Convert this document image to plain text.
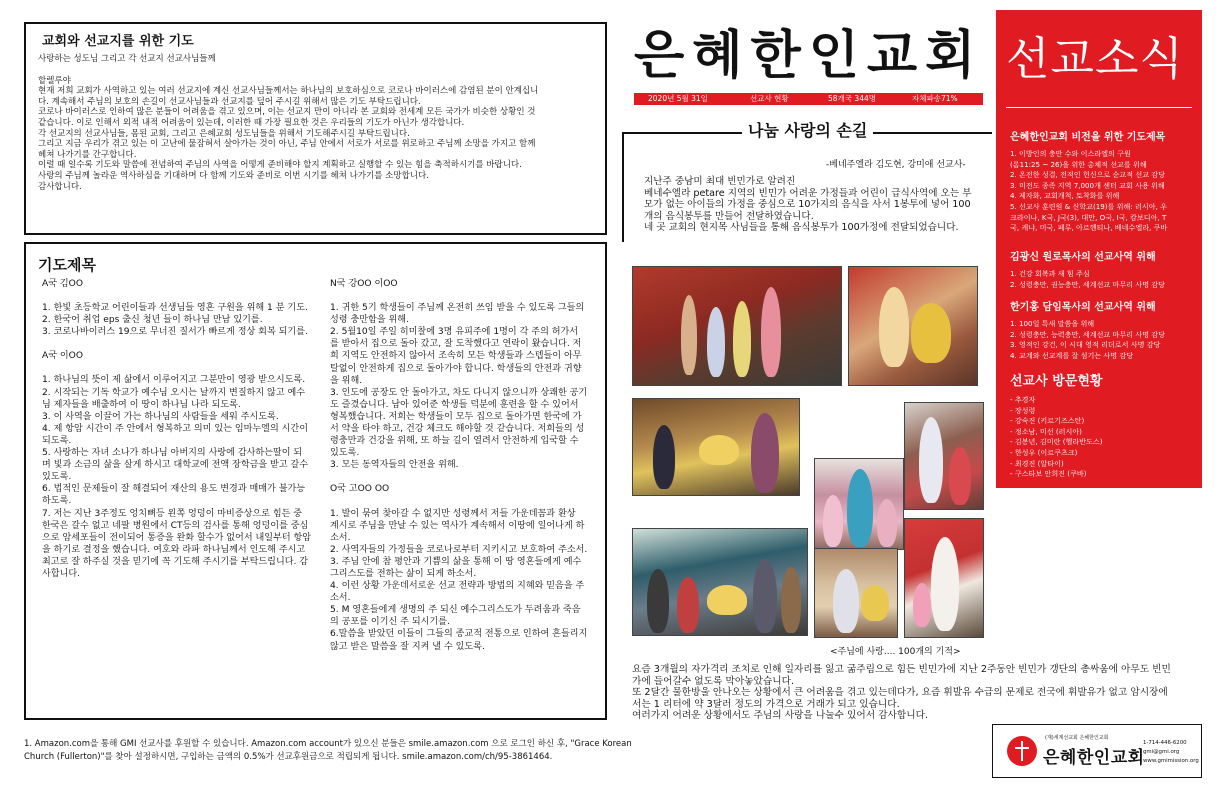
교회와 선교지를 위한 기도
사랑하는 성도님 그리고 각 선교지 선교사님들께
할렐루야
현재 저희 교회가 사역하고 있는 여러 선교지에 계신 선교사님들께서는 하나님의 보호하심으로 코로나 바이러스에 감염된 분이 안계십니
다. 계속해서 주님의 보호의 손길이 선교사님들과 선교지를 덮어 주시길 위해서 많은 기도 부탁드립니다.
코로나 바이러스로 인하여 많은 분들이 어려움을 겪고 있으며, 이는 선교지 만이 아니라 본 교회와 전세계 모든 국가가 비슷한 상황인 것
같습니다. 이로 인해서 외적 내적 어려움이 있는데, 이러한 때 가장 필요한 것은 우리들의 기도가 아닌가 생각합니다.
각 선교지의 선교사님들, 몸된 교회, 그리고 은혜교회 성도님들을 위해서 기도해주시길 부탁드립니다.
그리고 지금 우리가 겪고 있는 이 고난에 물잠혀서 살아가는 것이 아닌, 주님 안에서 서로가 서로를 위로하고 주님께 소망을 가지고 함께
헤쳐 나가기를 간구합니다.
이럴 때 일수록 기도와 말씀에 전념하여 주님의 사역을 어떻게 준비해야 할지 계획하고 실행할 수 있는 힘을 축적하시기를 바랍니다.
사랑의 주님께 놀라운 역사하심을 기대하며 다 함께 기도와 준비로 이번 시기를 헤쳐 나가기를 소망합니다.
감사합니다.
기도제목
A국 김OO
1. 한빛 초등학교 어린이들과 선생님들 영혼 구원을 위해 1 분 기도.
2. 한국어 취업 eps 출신 청년 들이 하나님 만남 있기를.
3. 코로나바이러스 19으로 무너진 질서가 빠르게 정상 회복 되기를.
A국 이OO
1. 하나님의 뜻이 제 삶에서 이루어지고 그분만이 영광 받으시도록.
2. 시작되는 기독 학교가 예수님 오시는 날까지 변질하지 않고 예수
님 제자들을 배출하여 이 땅이 하나님 나라 되도록.
3. 이 사역을 이끌어 가는 하나님의 사람들을 세워 주시도록.
4. 제 항암 시간이 주 안에서 형복하고 의미 있는 임마누엘의 시간이
되도록.
5. 사랑하는 자녀 소나가 하나님 아버지의 사랑에 감사하는딸이 되
며 빛과 소금의 삶을 살게 하시고 대학교에 전액 장학금을 받고 갈수
있도록.
6. 법적인 문제들이 잘 해결되어 재산의 용도 변경과 매매가 불가능
하도록.
7. 저는 지난 3주정도 엉치뼈등 왼쪽 엉덩이 마비증상으로 힘든 중
한국은 갈수 없고 네팔 병원에서 CT등의 검사를 통해 엉덩이를 중심
으로 암세포들이 전이되어 통증을 완화 할수가 없어서 내일부터 항암
을 하기로 결정을 했습니다. 여호와 라파 하나님께서 인도해 주시고
최고로 잘 하주실 것을 믿기에 꼭 기도해 주시기를 부탁드립니다. 감
사합니다.
N국 강OO 이OO
1. 귀한 5기 학생들이 주님께 온전히 쓰임 받을 수 있도록 그들의
성령 충만함을 위해.
2. 5월10일 주일 히미찰에 3명 유피주에 1명이 각 주의 허가서
를 받아서 집으로 돌아 갔고, 잘 도착했다고 연락이 왔습니다. 저
희 지역도 안전하지 않아서 조속히 모든 학생들과 스텝들이 아무
탈없이 안전하게 집으로 돌아가야 합니다. 학생들의 안전과 귀향
을 위해.
3. 인도에 공장도 안 돌아가고, 차도 다니지 않으니까 상쾌한 공기
도 즐겼습니다. 남아 있어준 학생들 덕분에 훈련을 할 수 있어서
형복했습니다. 저희는 학생들이 모두 집으로 돌아가면 한국에 가
서 약을 타야 하고, 건강 체크도 해야할 것 같습니다. 저희들의 성
령충만과 건강을 위해, 또 하늘 길이 열려서 안전하게 입국할 수
있도록.
3. 모든 동역자들의 안전을 위해.
O국 고OO OO
1. 발이 묶여 찾아갈 수 없지만 성령께서 저들 가운데꼼과 환상
계시로 주님을 만날 수 있는 역사가 계속해서 이땅에 일어나게 하
소서.
2. 사역자들의 가정들을 코로나로부터 지키시고 보호하여 주소서.
3. 주님 안에 참 평안과 기쁨의 삶을 통해 이 땅 영혼들에게 예수
그리스도를 전하는 삶이 되게 하소서.
4. 이런 상황 가운데서로운 선교 전략과 방법의 지혜와 믿음을 주
소서.
5. M 영혼들에게 생명의 주 되신 예수그리스도가 두려움과 죽음
의 공포를 이기신 주 되시기를.
6.말씀을 받았던 이들이 그들의 종교적 전통으로 인하여 흔들리지
않고 받은 말씀을 잘 지켜 낼 수 있도록.
1. Amazon.com을 통해 GMI 선교사를 후원할 수 있습니다. Amazon.com account가 있으신 분들은 smile.amazon.com 으로 로그인 하신 후, "Grace Korean
Church (Fullerton)"를 찾아 설정하시면, 구입하는 금액의 0.5%가 선교후원금으로 적립되게 됩니다. smile.amazon.com/ch/95-3861464.
은혜한인교회
2020년 5월 31일	선교사 현황	58개국 344명	자체파송71%
선교소식
은혜한인교회 비전을 위한 기도제목
1. 이방인의 충만 수와 이스라엘의 구원
(롬11:25 ~ 26)을 위한 총체적 선교를 위해
2. 온전한 성결, 전적인 헌신으로 순교적 선교 감당
3. 미전도 종족 지역 7,000개 센터 교회 사용 위해
4. 제자화, 교회개척, 토착화를 위해
5. 선교사 훈련원 & 신학교(19)를 위해: 러시아, 우
크라이나, K국, J국(3), 대만, O국, I국, 캄보디아, T
국, 케냐, 미국, 페루, 아르헨티나, 베네수엘라, 쿠바
김광신 원로목사의 선교사역 위해
1. 건강 회복과 새 힘 주심
2. 성령충만, 권능충만, 세계선교 마무리 사명 감당
한기홍 담임목사의 선교사역 위해
1. 100일 특새 말씀을 위해
2. 성령충만, 능력충만, 세계선교 마무리 사명 감당
3. 영적인 강건, 이 시대 영적 리더로서 사명 감당
4. 교계와 선교계를 잘 섬기는 사명 감당
선교사 방문현황
- 추경자
- 장성령
- 강숙진 (키르기즈스탄)
- 정소남, 미선 (러시아)
- 김봉년, 김미란 (헬라반도스)
- 한성우 (이르쿠츠크)
- 최경진 (알타이)
- 구스타보 안희진 (쿠바)
나눔 사랑의 손길
-베네주엘라 김도현, 강미애 선교사-
지난주 중남미 최대 빈민가로 알려진
베네수엘라 petare 지역의 빈민가 어려운 가정들과 어린이 급식사역에 오는 부
모가 없는 아이들의 가정을 중심으로 10가지의 음식을 사서 1봉투에 넣어 100
개의 음식봉투를 만들어 전달하였습니다.
네 곳 교회의 현지목 사님들을 통해 음식봉투가 100가정에 전달되었습니다.
<주님에 사랑.... 100개의 기적>
요즘 3개월의 자가격리 조치로 인해 일자리를 잃고 굶주림으로 힘든 빈민가에 지난 2주동안 빈민가 갱단의 총싸움에 아무도 빈민
가에 들어갈수 없도록 막아놓았습니다.
또 2달간 물한방울 안나오는 상황에서 큰 어려움을 겪고 있는데다가, 요즘 휘발유 수급의 문제로 전국에 휘발유가 없고 암시장에
서는 1 리터에 약 3달러 정도의 가격으로 거래가 되고 있습니다.
여러가지 어려운 상황에서도 주님의 사랑을 나눌수 있어서 감사합니다.
(재)세계선교회 은혜한인교회
은혜한인교회
1-714-446-6200
gmi@gmi.org
www.gmimission.org
